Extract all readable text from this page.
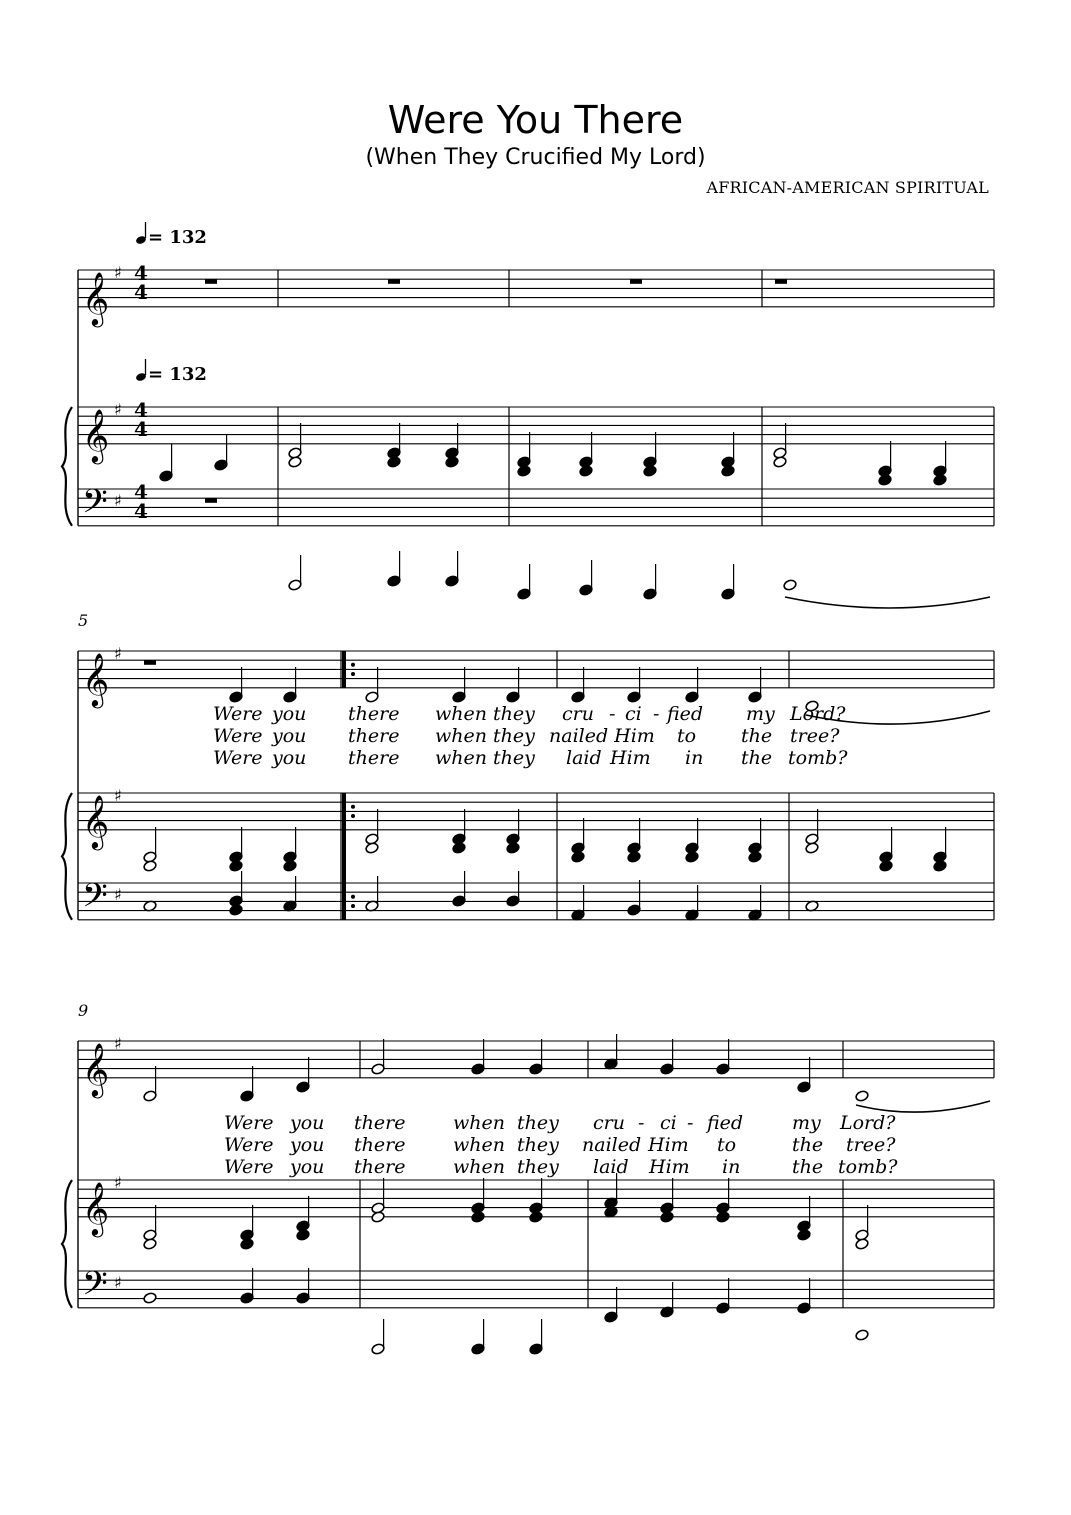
Were You There
(When They Crucified My Lord)
AFRICAN-AMERICAN SPIRITUAL
𝄞
𝄞
𝄢
♯
♯
♯
𝄞
𝄞
𝄢
♯
♯
♯
𝄞
𝄞
𝄢
♯
♯
♯
= 132
= 132
5
9
4
4
4
4
4
4
Were you there when they cru - ci - fied my Lord?
Were you there when they nailed Him to the tree?
Were you there when they laid Him in the tomb?
Were you there	when they cru - ci - fied	my Lord?
Were you there	when they nailed Him to	the tree?
Were you there	when they laid Him in	the tomb?
